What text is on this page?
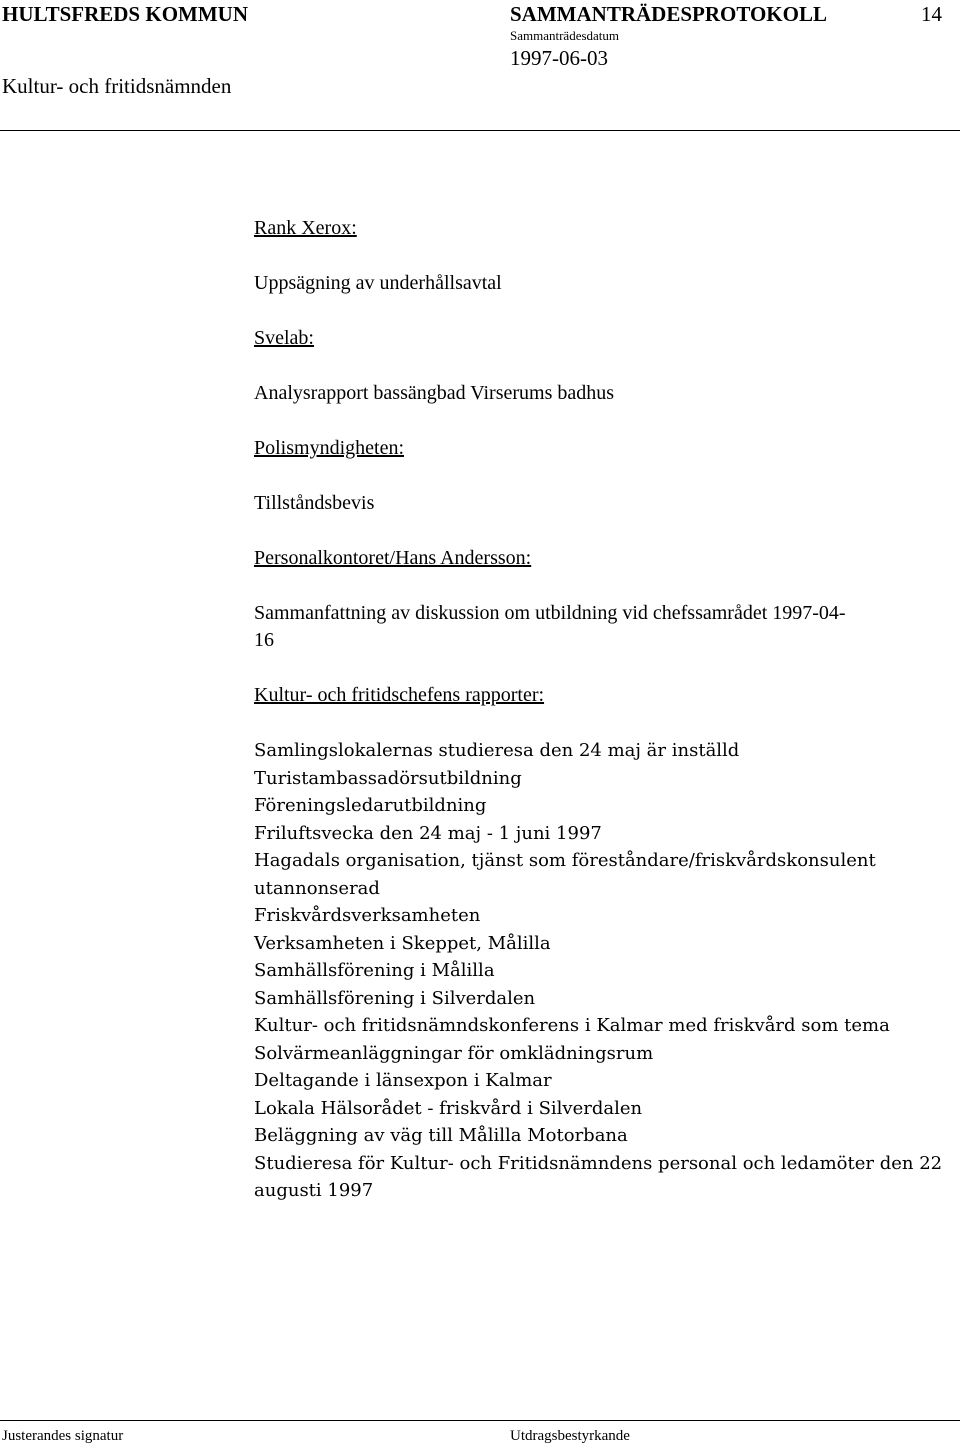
HULTSFREDS KOMMUN	SAMMANTRÄDESPROTOKOLL	14
Sammanträdesdatum
1997-06-03
Kultur- och fritidsnämnden
Rank Xerox:
Uppsägning av underhållsavtal
Svelab:
Analysrapport bassängbad Virserums badhus
Polismyndigheten:
Tillståndsbevis
Personalkontoret/Hans Andersson:
Sammanfattning av diskussion om utbildning vid chefssamrådet 1997-04-16
Kultur- och fritidschefens rapporter:
Samlingslokalernas studieresa den 24 maj är inställd
Turistambassadörsutbildning
Föreningsledarutbildning
Friluftsvecka den 24 maj - 1 juni 1997
Hagadals organisation, tjänst som föreståndare/friskvårdskonsulent utannonserad
Friskvårdsverksamheten
Verksamheten i Skeppet, Målilla
Samhällsförening i Målilla
Samhällsförening i Silverdalen
Kultur- och fritidsnämndskonferens i Kalmar med friskvård som tema
Solvärmeanläggningar för omklädningsrum
Deltagande i länsexpon i Kalmar
Lokala Hälsorådet - friskvård i Silverdalen
Beläggning av väg till Målilla Motorbana
Studieresa för Kultur- och Fritidsnämndens personal och ledamöter den 22 augusti 1997
Justerandes signatur	Utdragsbestyrkande
